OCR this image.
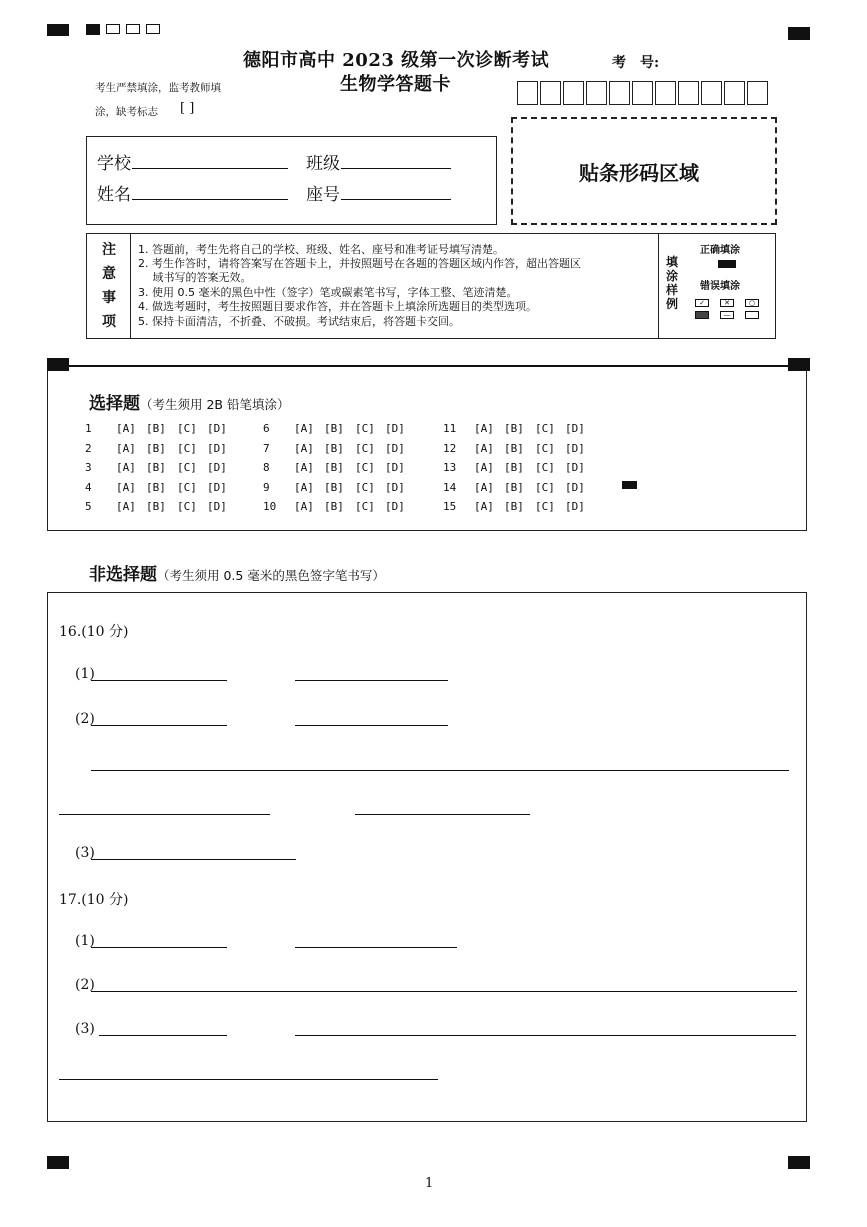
德阳市高中 2023 级第一次诊断考试
生物学答题卡
考生严禁填涂，监考教师填
涂，缺考标志 [ ]
考　号:
学校	班级
姓名	座号
贴条形码区域
注
意
事
项
1. 答题前，考生先将自己的学校、班级、姓名、座号和准考证号填写清楚。
2. 考生作答时，请将答案写在答题卡上，并按照题号在各题的答题区域内作答，超出答题区
　 域书写的答案无效。
3. 使用 0.5 毫米的黑色中性（签字）笔或碳素笔书写，字体工整、笔迹清楚。
4. 做选考题时，考生按照题目要求作答，并在答题卡上填涂所选题目的类型选项。
5. 保持卡面清洁，不折叠、不破损。考试结束后，将答题卡交回。
填
涂
样
例
正确填涂
错误填涂
✓	✕	○
—
选择题（考生须用 2B 铅笔填涂）
1	[A] [B] [C] [D]
2	[A] [B] [C] [D]
3	[A] [B] [C] [D]
4	[A] [B] [C] [D]
5	[A] [B] [C] [D]
6	[A] [B] [C] [D]
7	[A] [B] [C] [D]
8	[A] [B] [C] [D]
9	[A] [B] [C] [D]
10	[A] [B] [C] [D]
11	[A] [B] [C] [D]
12	[A] [B] [C] [D]
13	[A] [B] [C] [D]
14	[A] [B] [C] [D]
15	[A] [B] [C] [D]
非选择题（考生须用 0.5 毫米的黑色签字笔书写）
16.(10 分)
(1)
(2)
(3)
17.(10 分)
(1)
(2)
(3)
1
